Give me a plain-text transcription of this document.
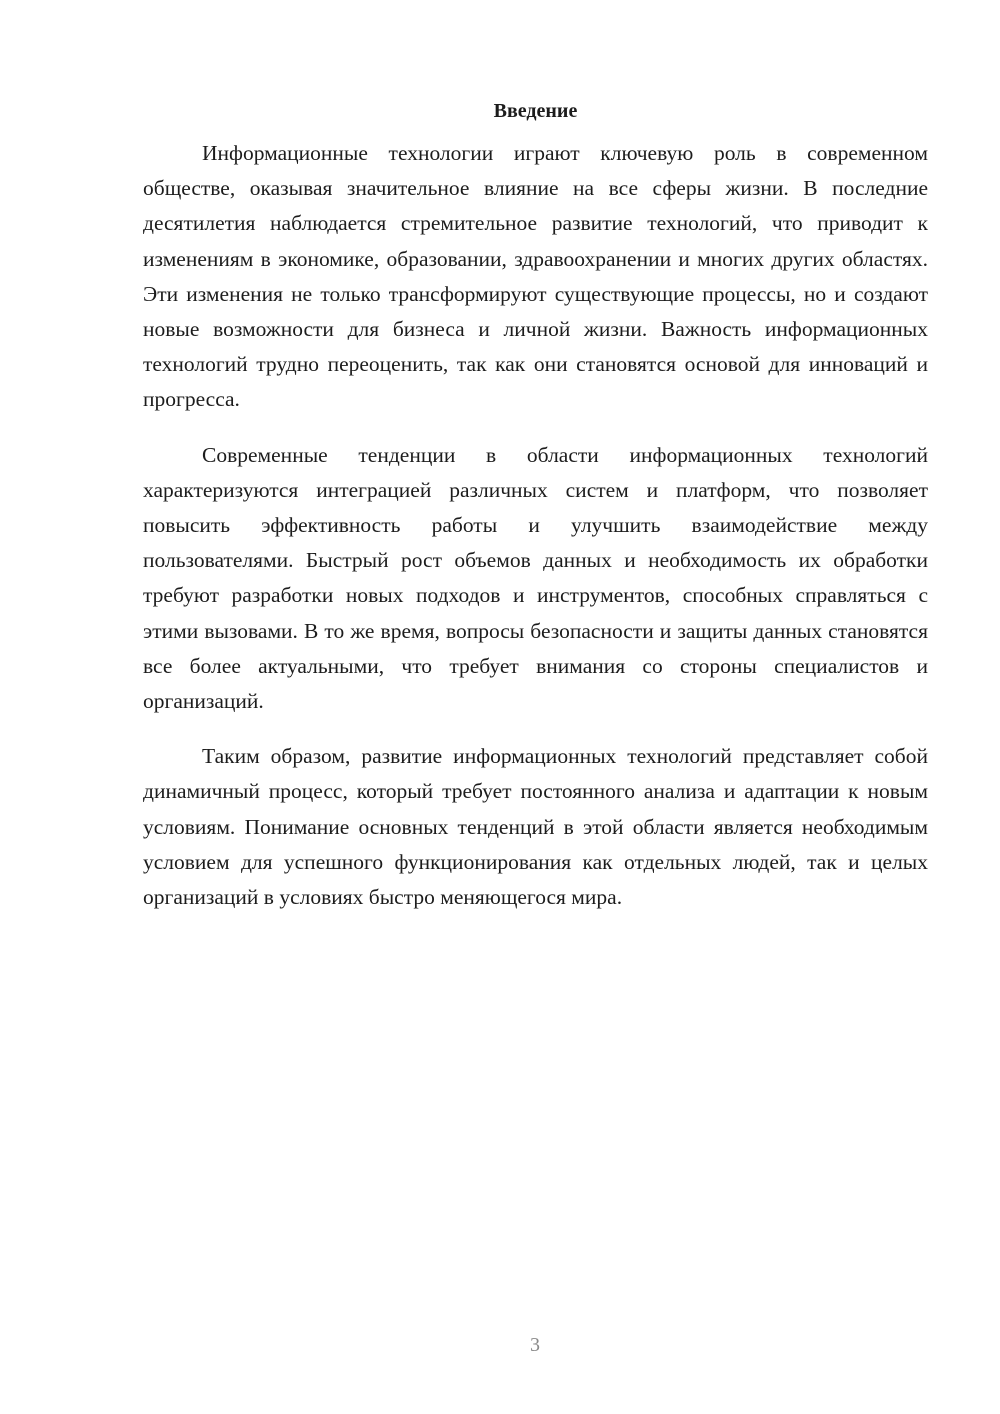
Введение

Информационные технологии играют ключевую роль в современном обществе, оказывая значительное влияние на все сферы жизни. В последние десятилетия наблюдается стремительное развитие технологий, что приводит к изменениям в экономике, образовании, здравоохранении и многих других областях. Эти изменения не только трансформируют существующие процессы, но и создают новые возможности для бизнеса и личной жизни. Важность информационных технологий трудно переоценить, так как они становятся основой для инноваций и прогресса.

Современные тенденции в области информационных технологий характеризуются интеграцией различных систем и платформ, что позволяет повысить эффективность работы и улучшить взаимодействие между пользователями. Быстрый рост объемов данных и необходимость их обработки требуют разработки новых подходов и инструментов, способных справляться с этими вызовами. В то же время, вопросы безопасности и защиты данных становятся все более актуальными, что требует внимания со стороны специалистов и организаций.

Таким образом, развитие информационных технологий представляет собой динамичный процесс, который требует постоянного анализа и адаптации к новым условиям. Понимание основных тенденций в этой области является необходимым условием для успешного функционирования как отдельных людей, так и целых организаций в условиях быстро меняющегося мира.

3
